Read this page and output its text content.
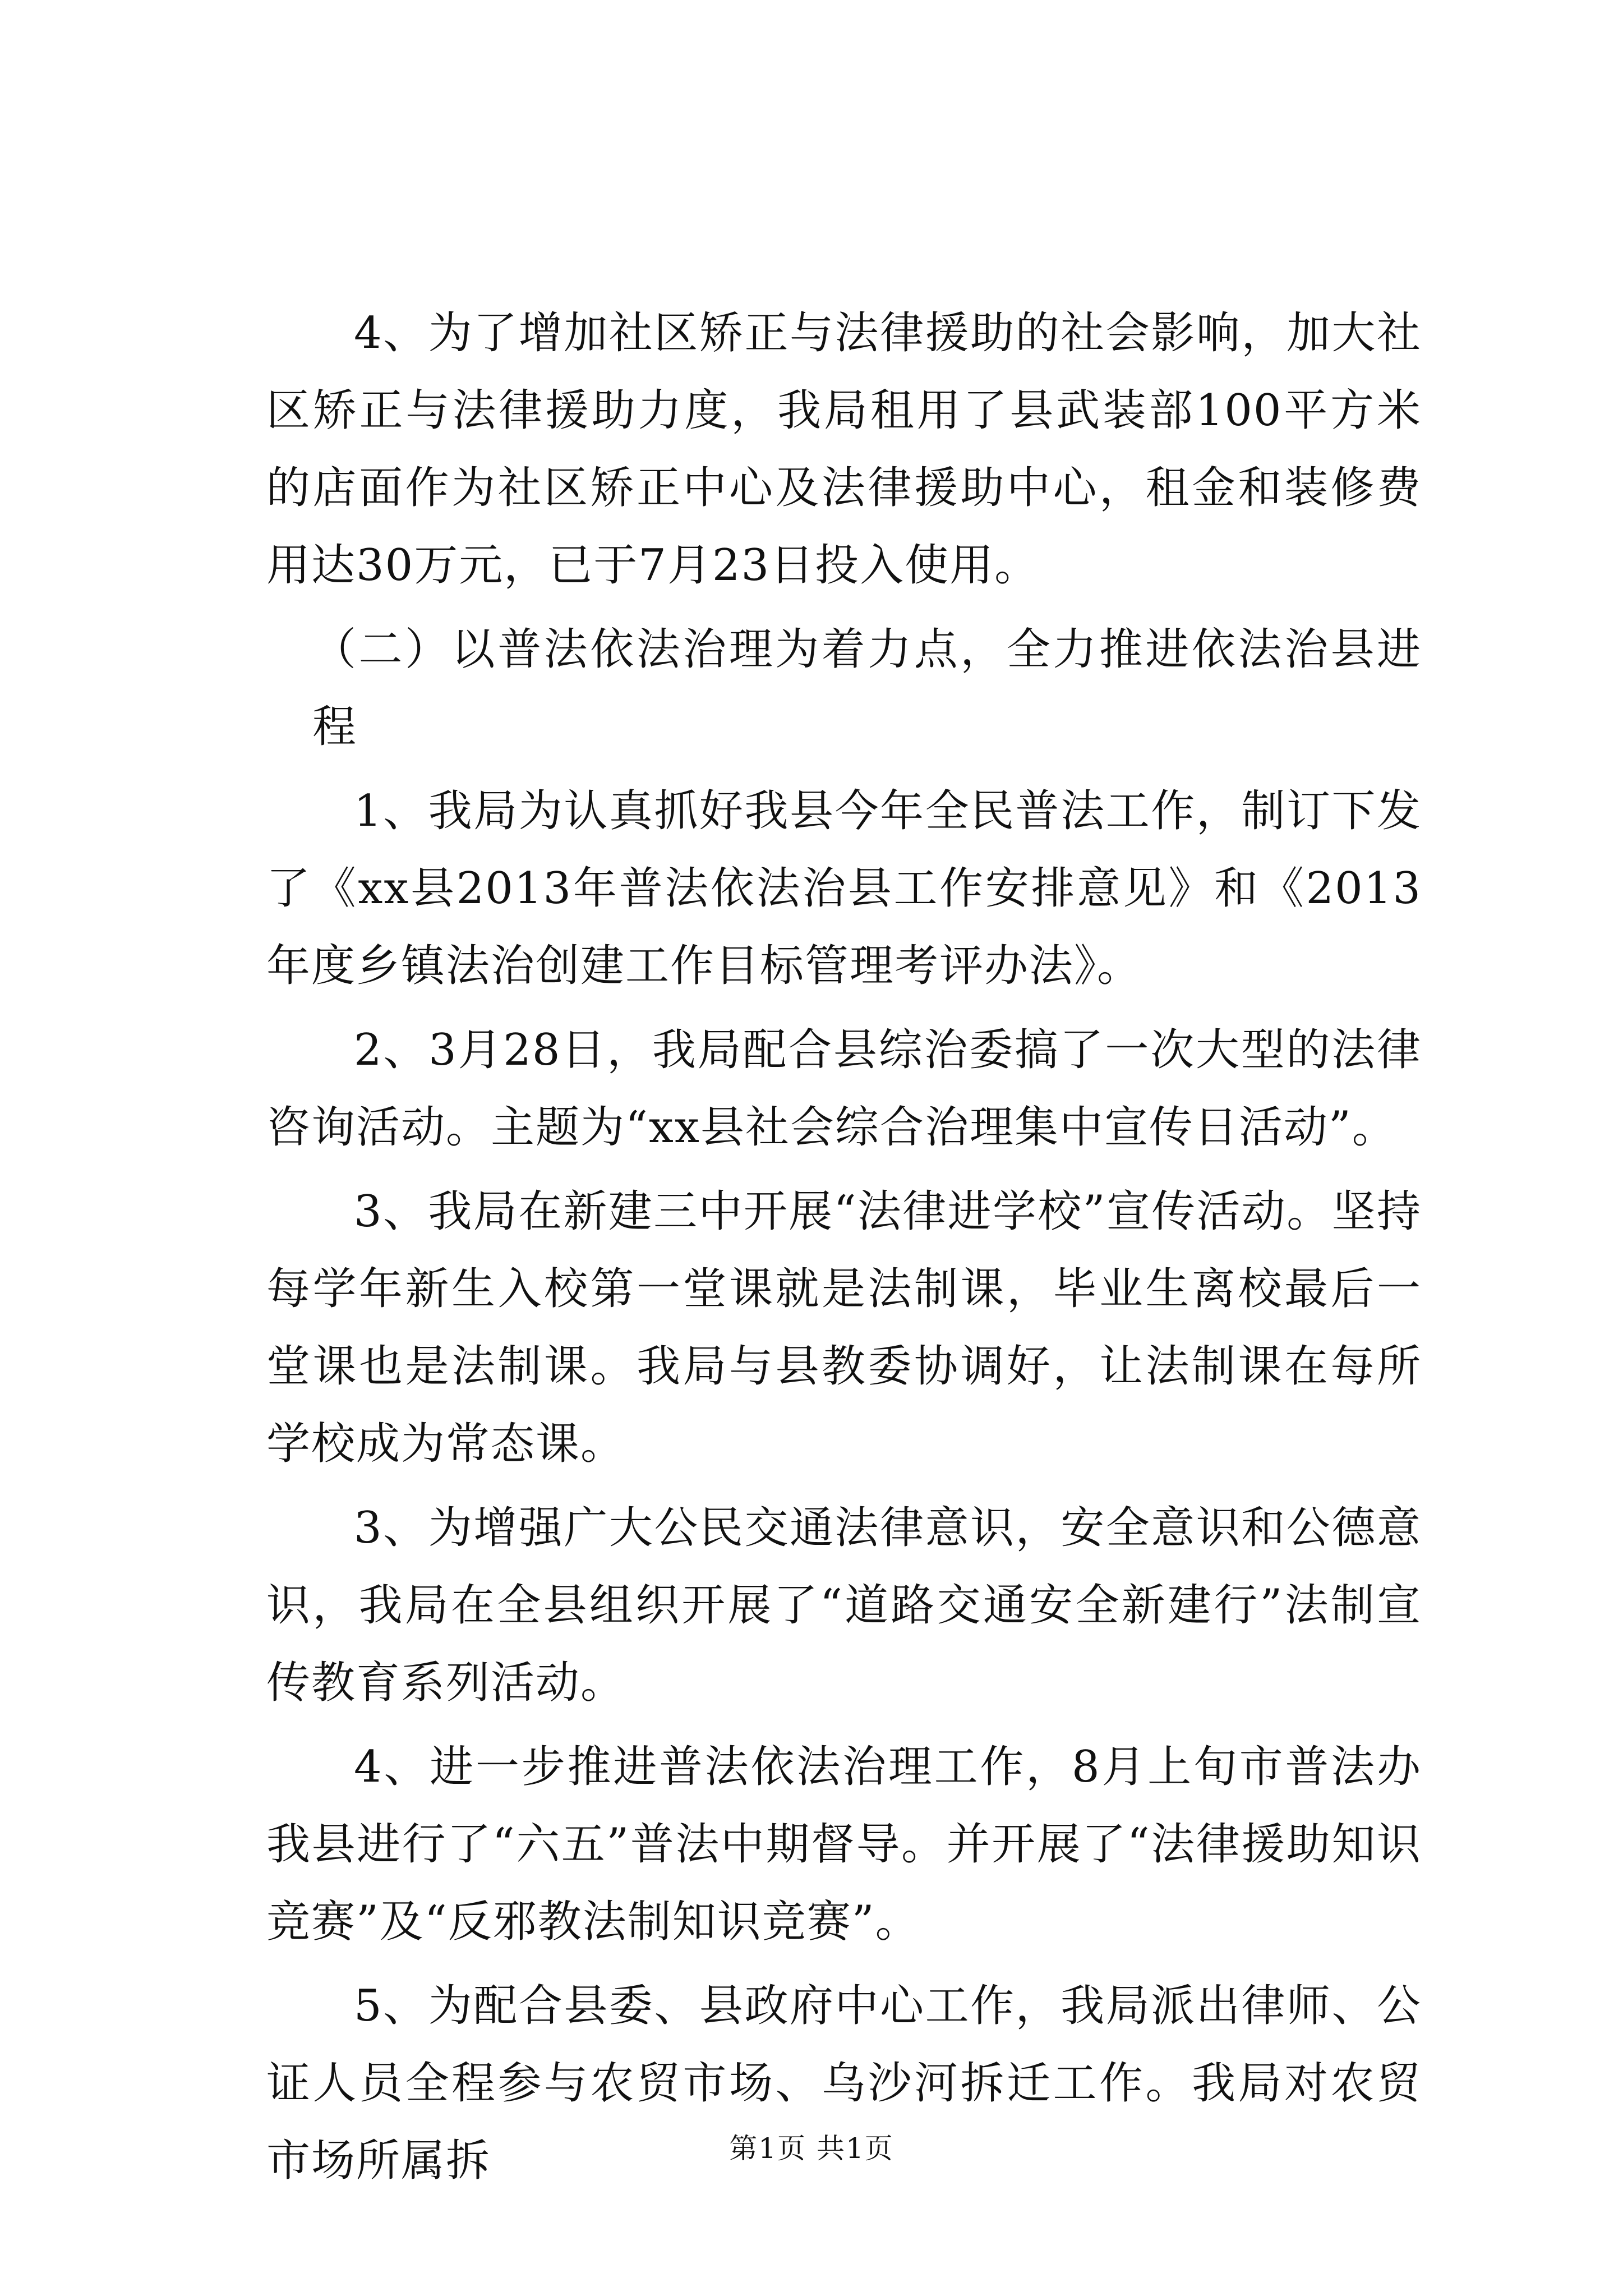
4、为了增加社区矫正与法律援助的社会影响，加大社区矫正与法律援助力度，我局租用了县武装部100平方米的店面作为社区矫正中心及法律援助中心，租金和装修费用达30万元，已于7月23日投入使用。

（二）以普法依法治理为着力点，全力推进依法治县进程

1、我局为认真抓好我县今年全民普法工作，制订下发了《xx县2013年普法依法治县工作安排意见》和《2013年度乡镇法治创建工作目标管理考评办法》。

2、3月28日，我局配合县综治委搞了一次大型的法律咨询活动。主题为“xx县社会综合治理集中宣传日活动”。

3、我局在新建三中开展“法律进学校”宣传活动。坚持每学年新生入校第一堂课就是法制课，毕业生离校最后一堂课也是法制课。我局与县教委协调好，让法制课在每所学校成为常态课。

3、为增强广大公民交通法律意识，安全意识和公德意识，我局在全县组织开展了“道路交通安全新建行”法制宣传教育系列活动。

4、进一步推进普法依法治理工作，8月上旬市普法办我县进行了“六五”普法中期督导。并开展了“法律援助知识竞赛”及“反邪教法制知识竞赛”。

5、为配合县委、县政府中心工作，我局派出律师、公证人员全程参与农贸市场、乌沙河拆迁工作。我局对农贸市场所属拆	第1页 共1页
